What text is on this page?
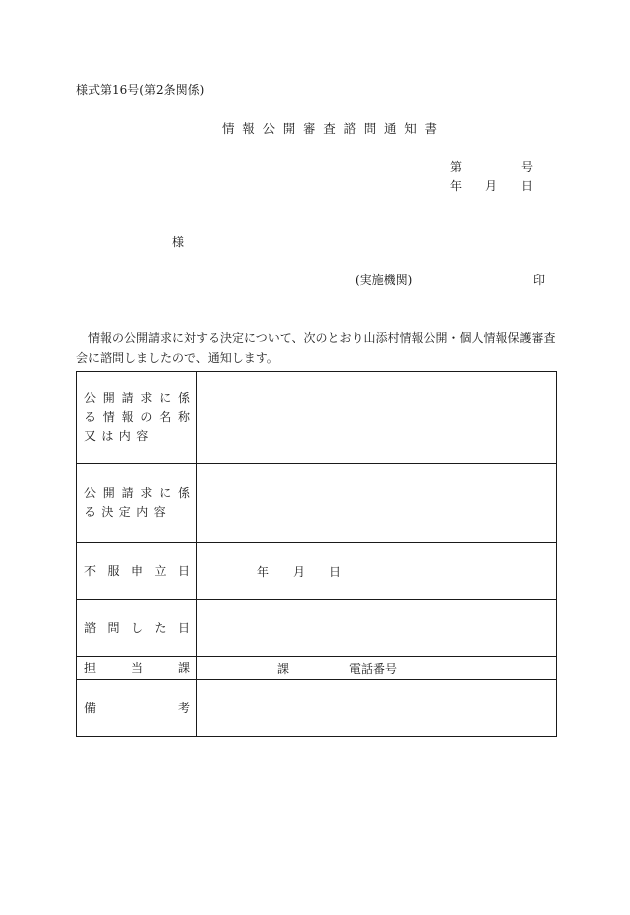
様式第16号(第2条関係)
情報公開審査諮問通知書
第	号
年 月 日
様
(実施機関)	印
情報の公開請求に対する決定について、次のとおり山添村情報公開・個人情報保護審査会に諮問しましたので、通知します。
公開請求に係
る情報の名称
又は内容	

公開請求に係
る決定内容	

不服申立日	年 月 日

諮問した日	

担当課	課 電話番号

備考	
